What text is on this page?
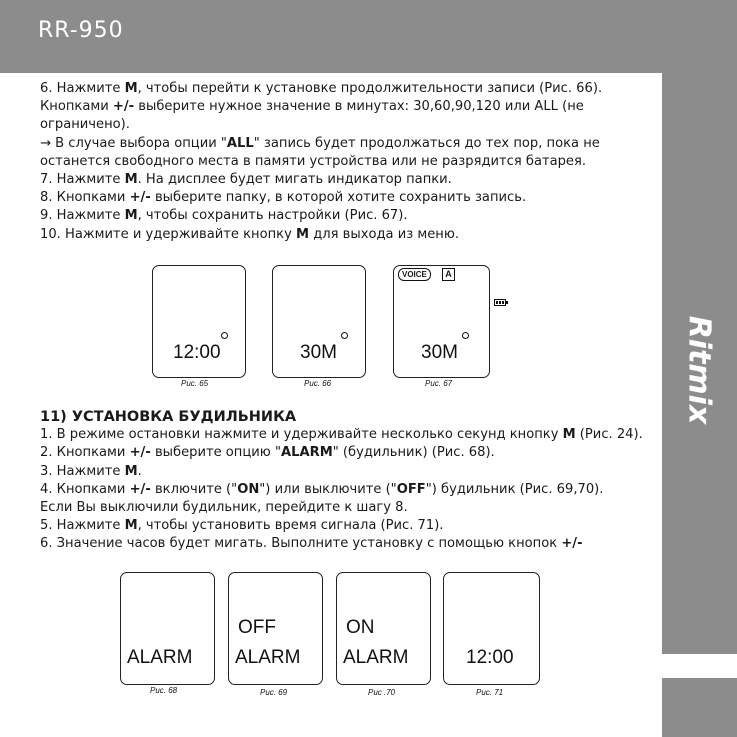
RR-950
Ritmix

6. Нажмите M, чтобы перейти к установке продолжительности записи (Рис. 66).

Кнопками +/- выберите нужное значение в минутах: 30,60,90,120 или ALL (не ограничено).

→ В случае выбора опции "ALL" запись будет продолжаться до тех пор, пока не останется свободного места в памяти устройства или не разрядится батарея.

7. Нажмите M. На дисплее будет мигать индикатор папки.

8. Кнопками +/- выберите папку, в которой хотите сохранить запись.

9. Нажмите M, чтобы сохранить настройки (Рис. 67).

10. Нажмите и удерживайте кнопку M для выхода из меню.

12:00
Рис. 65
30M
Рис. 66
VOICE	A
30M
Рис. 67

11) УСТАНОВКА БУДИЛЬНИКА

1. В режиме остановки нажмите и удерживайте несколько секунд кнопку M (Рис. 24).

2. Кнопками +/- выберите опцию "ALARM" (будильник) (Рис. 68).

3. Нажмите M.

4. Кнопками +/- включите ("ON") или выключите ("OFF") будильник (Рис. 69,70).

Если Вы выключили будильник, перейдите к шагу 8.

5. Нажмите M, чтобы установить время сигнала (Рис. 71).

6. Значение часов будет мигать. Выполните установку с помощью кнопок +/-

ALARM
Рис. 68
OFF
ALARM
Рис. 69
ON
ALARM
Рис .70
12:00
Рис. 71
